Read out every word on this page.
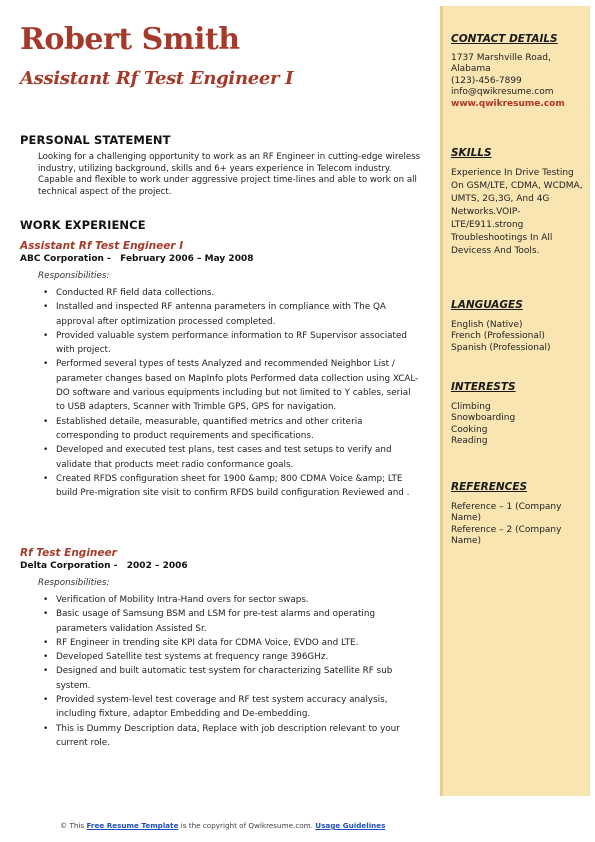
Robert Smith
Assistant Rf Test Engineer I
PERSONAL STATEMENT

Looking for a challenging opportunity to work as an RF Engineer in cutting-edge wireless industry, utilizing background, skills and 6+ years experience in Telecom industry. Capable and flexible to work under aggressive project time-lines and able to work on all technical aspect of the project.

WORK EXPERIENCE

Assistant Rf Test Engineer I

ABC Corporation -   February 2006 – May 2008

Responsibilities:

• Conducted RF field data collections.
• Installed and inspected RF antenna parameters in compliance with The QA approval after optimization processed completed.
• Provided valuable system performance information to RF Supervisor associated with project.
• Performed several types of tests Analyzed and recommended Neighbor List / parameter changes based on MapInfo plots Performed data collection using XCAL-DO software and various equipments including but not limited to Y cables, serial to USB adapters, Scanner with Trimble GPS, GPS for navigation.
• Established detaile, measurable, quantified metrics and other criteria corresponding to product requirements and specifications.
• Developed and executed test plans, test cases and test setups to verify and validate that products meet radio conformance goals.
• Created RFDS configuration sheet for 1900 &amp; 800 CDMA Voice &amp; LTE build Pre-migration site visit to confirm RFDS build configuration Reviewed and .

Rf Test Engineer

Delta Corporation -   2002 – 2006

Responsibilities:

• Verification of Mobility Intra-Hand overs for sector swaps.
• Basic usage of Samsung BSM and LSM for pre-test alarms and operating parameters validation Assisted Sr.
• RF Engineer in trending site KPI data for CDMA Voice, EVDO and LTE.
• Developed Satellite test systems at frequency range 396GHz.
• Designed and built automatic test system for characterizing Satellite RF sub system.
• Provided system-level test coverage and RF test system accuracy analysis, including fixture, adaptor Embedding and De-embedding.
• This is Dummy Description data, Replace with job description relevant to your current role.
CONTACT DETAILS
1737 Marshville Road, Alabama
(123)-456-7899
info@qwikresume.com
www.qwikresume.com
SKILLS

Experience In Drive Testing On GSM/LTE, CDMA, WCDMA, UMTS, 2G,3G, And 4G Networks.VOIP-LTE/E911.strong Troubleshootings In All Devicess And Tools.

LANGUAGES
English (Native)
French (Professional)
Spanish (Professional)
INTERESTS
Climbing
Snowboarding
Cooking
Reading
REFERENCES
Reference – 1 (Company Name)
Reference – 2 (Company Name)
© This Free Resume Template is the copyright of Qwikresume.com. Usage Guidelines
